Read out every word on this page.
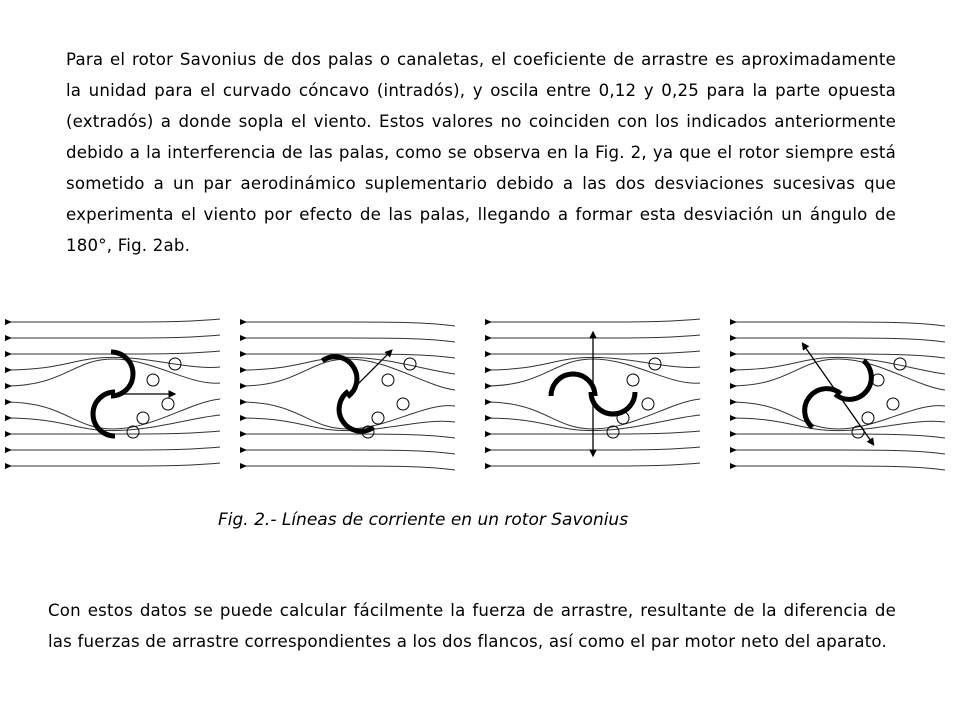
Para el rotor Savonius de dos palas o canaletas, el coeficiente de arrastre es aproximadamente la unidad para el curvado cóncavo (intradós), y oscila entre 0,12 y 0,25 para la parte opuesta (extradós) a donde sopla el viento. Estos valores no coinciden con los indicados anteriormente debido a la interferencia de las palas, como se observa en la Fig. 2, ya que el rotor siempre está sometido a un par aerodinámico suplementario debido a las dos desviaciones sucesivas que experimenta el viento por efecto de las palas, llegando a formar esta desviación un ángulo de 180°, Fig. 2ab.

Fig. 2.- Líneas de corriente en un rotor Savonius

Con estos datos se puede calcular fácilmente la fuerza de arrastre, resultante de la diferencia de las fuerzas de arrastre correspondientes a los dos flancos, así como el par motor neto del aparato.
